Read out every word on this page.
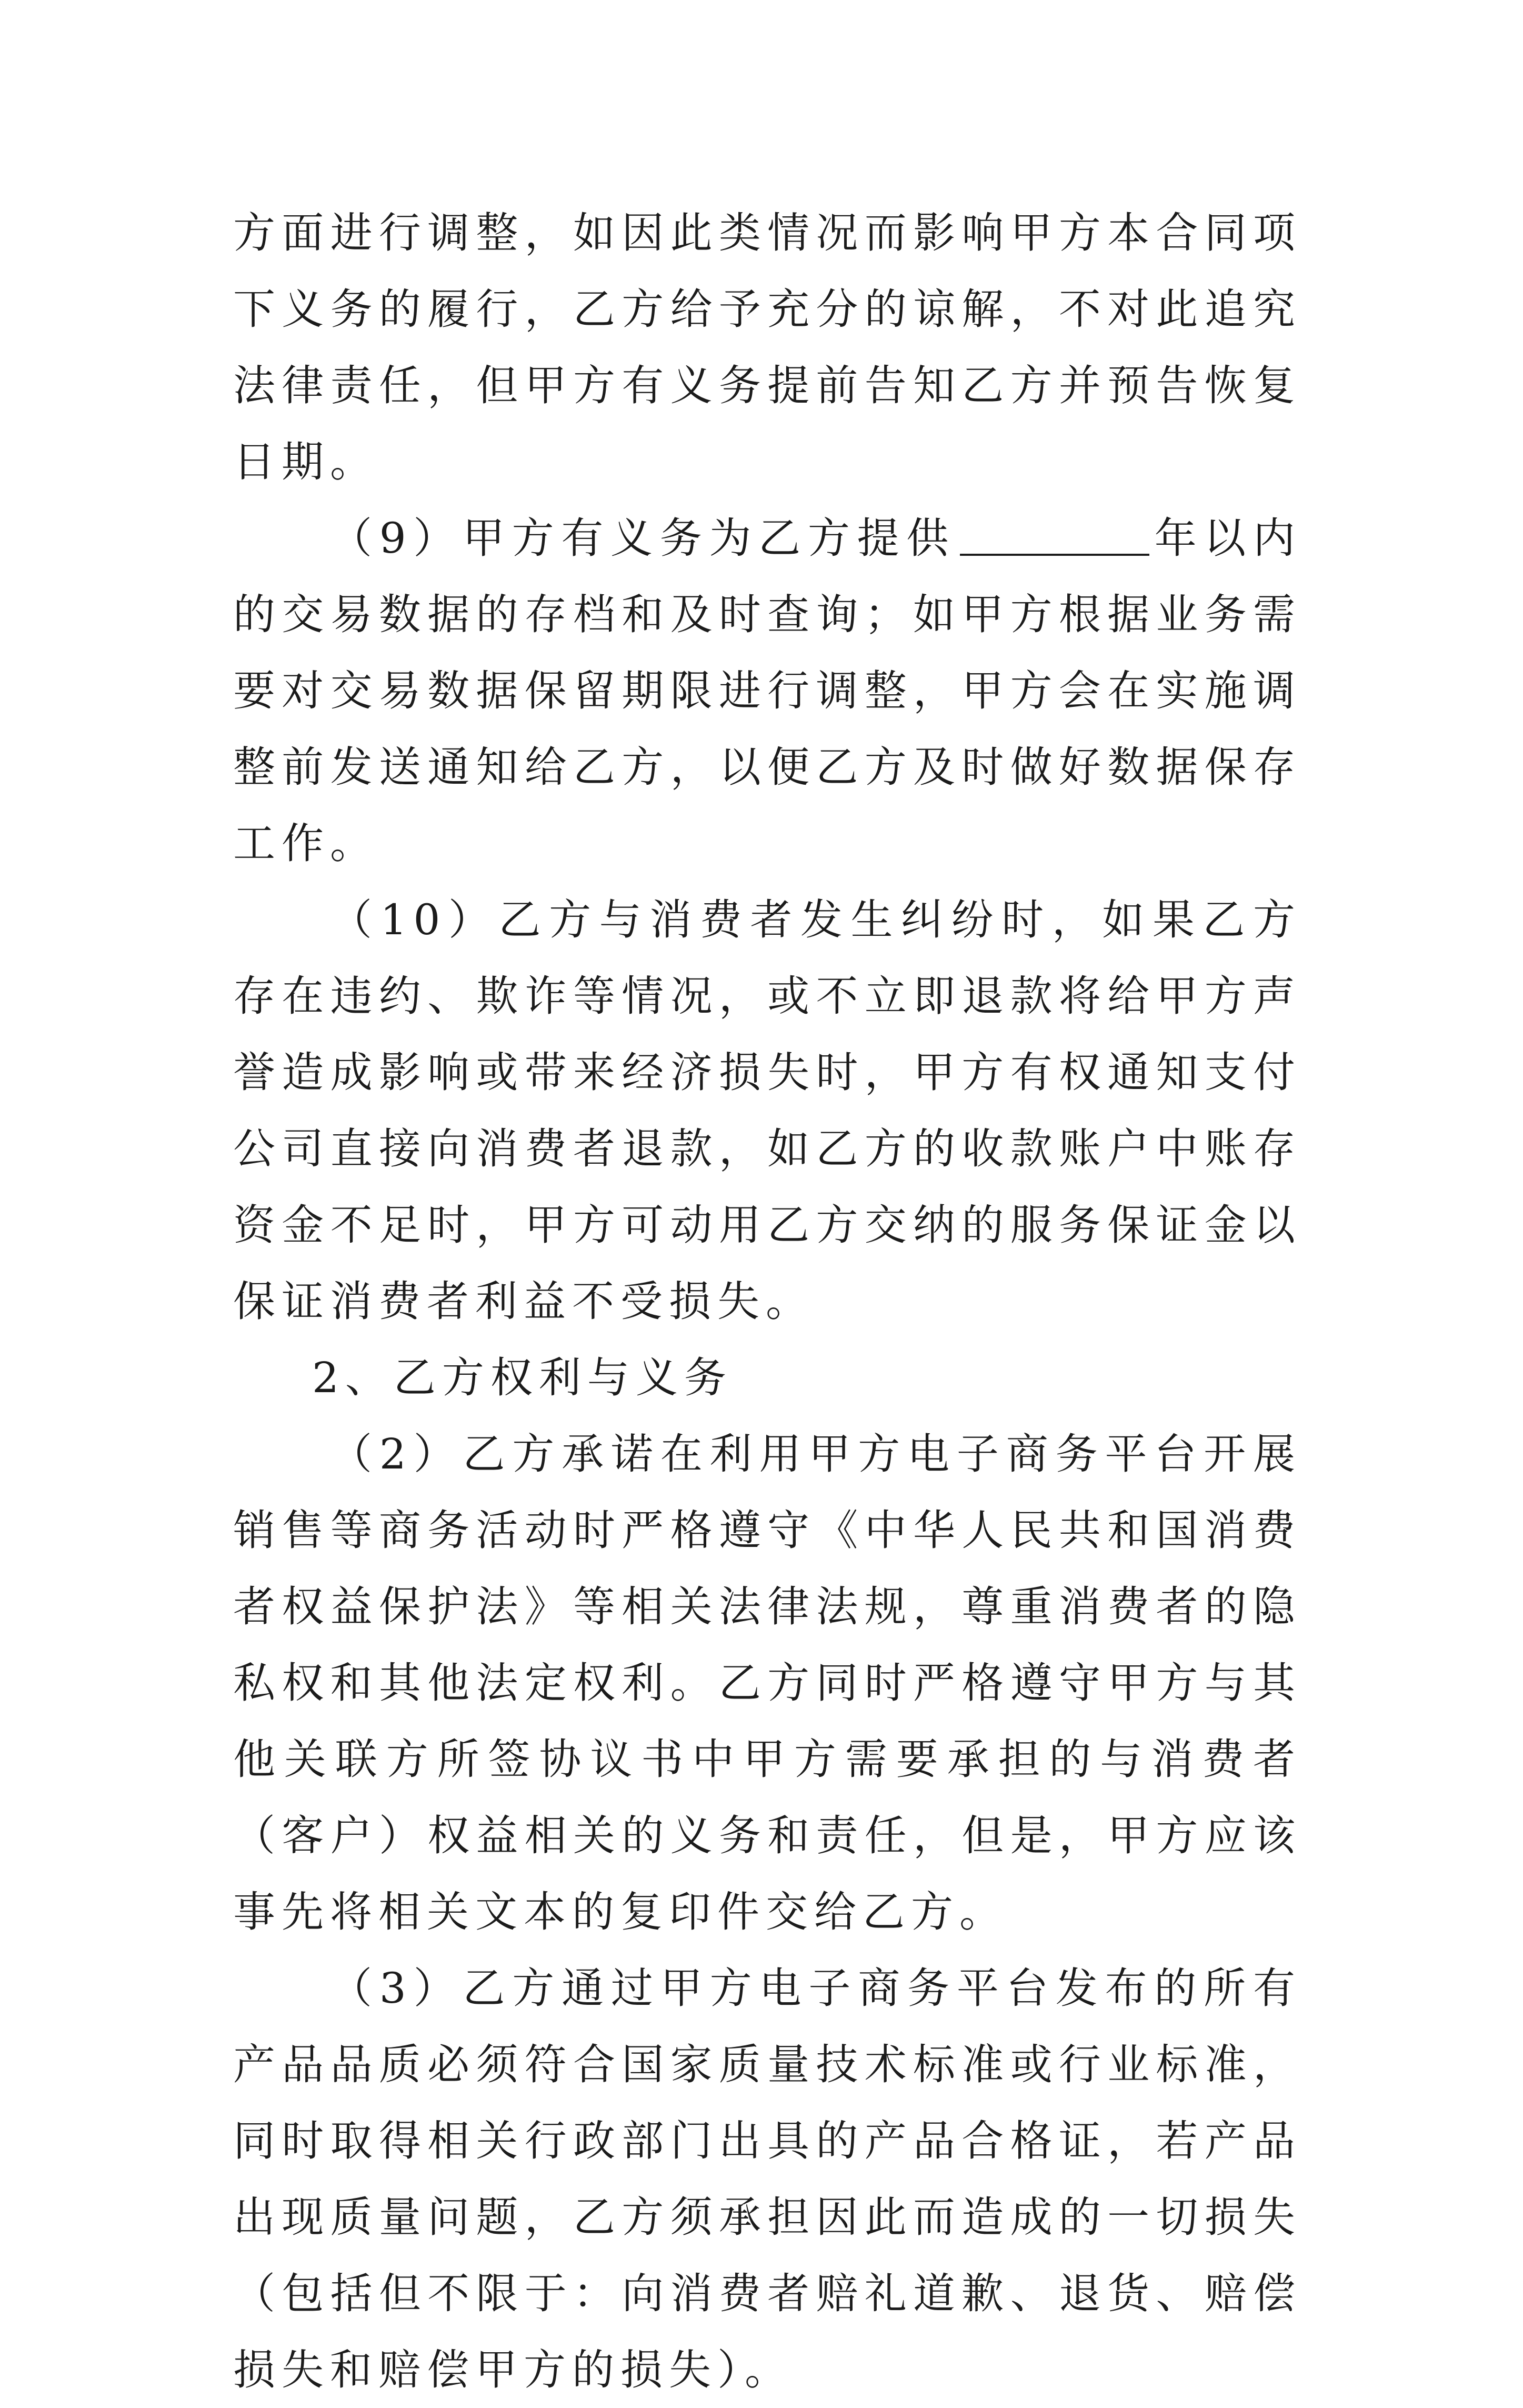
方面进行调整，如因此类情况而影响甲方本合同项下义务的履行，乙方给予充分的谅解，不对此追究法律责任，但甲方有义务提前告知乙方并预告恢复日期。

（9）甲方有义务为乙方提供	年以内的交易数据的存档和及时查询；如甲方根据业务需要对交易数据保留期限进行调整，甲方会在实施调整前发送通知给乙方，以便乙方及时做好数据保存工作。

（10）乙方与消费者发生纠纷时，如果乙方存在违约、欺诈等情况，或不立即退款将给甲方声誉造成影响或带来经济损失时，甲方有权通知支付公司直接向消费者退款，如乙方的收款账户中账存资金不足时，甲方可动用乙方交纳的服务保证金以保证消费者利益不受损失。

2、乙方权利与义务

（2）乙方承诺在利用甲方电子商务平台开展销售等商务活动时严格遵守《中华人民共和国消费者权益保护法》等相关法律法规，尊重消费者的隐私权和其他法定权利。乙方同时严格遵守甲方与其他关联方所签协议书中甲方需要承担的与消费者（客户）权益相关的义务和责任，但是，甲方应该事先将相关文本的复印件交给乙方。

（3）乙方通过甲方电子商务平台发布的所有产品品质必须符合国家质量技术标准或行业标准，同时取得相关行政部门出具的产品合格证，若产品出现质量问题，乙方须承担因此而造成的一切损失（包括但不限于：向消费者赔礼道歉、退货、赔偿损失和赔偿甲方的损失）。
